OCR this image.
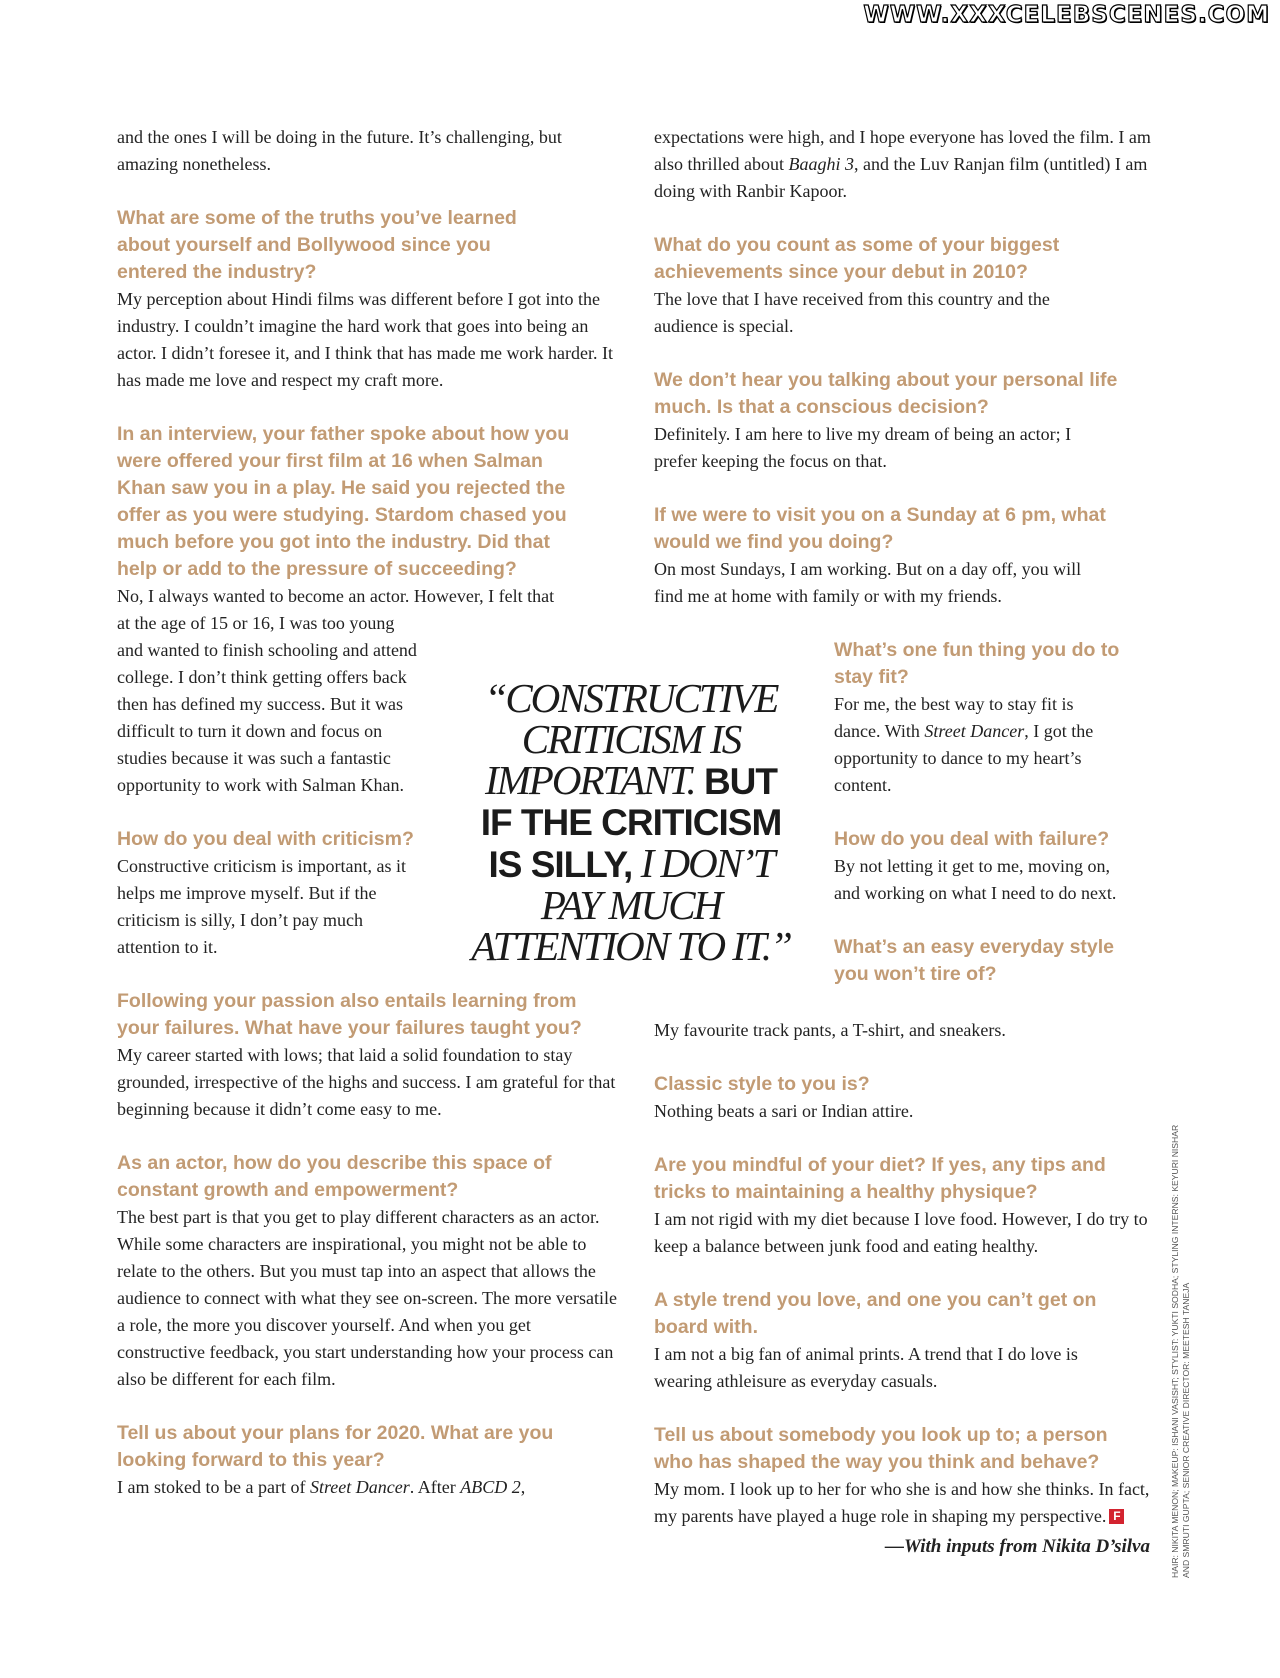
WWW.XXXCELEBSCENES.COM

and the ones I will be doing in the future. It’s challenging, but amazing nonetheless.

What are some of the truths you’ve learned about yourself and Bollywood since you entered the industry?

My perception about Hindi films was different before I got into the industry. I couldn’t imagine the hard work that goes into being an actor. I didn’t foresee it, and I think that has made me work harder. It has made me love and respect my craft more.

In an interview, your father spoke about how you were offered your first film at 16 when Salman Khan saw you in a play. He said you rejected the offer as you were studying. Stardom chased you much before you got into the industry. Did that help or add to the pressure of succeeding?

No, I always wanted to become an actor. However, I felt that

at the age of 15 or 16, I was too young and wanted to finish schooling and attend college. I don’t think getting offers back then has defined my success. But it was difficult to turn it down and focus on studies because it was such a fantastic opportunity to work with Salman Khan.

How do you deal with criticism?

Constructive criticism is important, as it helps me improve myself. But if the criticism is silly, I don’t pay much attention to it.

Following your passion also entails learning from your failures. What have your failures taught you?

My career started with lows; that laid a solid foundation to stay grounded, irrespective of the highs and success. I am grateful for that beginning because it didn’t come easy to me.

As an actor, how do you describe this space of constant growth and empowerment?

The best part is that you get to play different characters as an actor. While some characters are inspirational, you might not be able to relate to the others. But you must tap into an aspect that allows the audience to connect with what they see on-screen. The more versatile a role, the more you discover yourself. And when you get constructive feedback, you start understanding how your process can also be different for each film.

Tell us about your plans for 2020. What are you looking forward to this year?

I am stoked to be a part of Street Dancer. After ABCD 2,

expectations were high, and I hope everyone has loved the film. I am also thrilled about Baaghi 3, and the Luv Ranjan film (untitled) I am doing with Ranbir Kapoor.

What do you count as some of your biggest achievements since your debut in 2010?

The love that I have received from this country and the audience is special.

We don’t hear you talking about your personal life much. Is that a conscious decision?

Definitely. I am here to live my dream of being an actor; I prefer keeping the focus on that.

If we were to visit you on a Sunday at 6 pm, what would we find you doing?

On most Sundays, I am working. But on a day off, you will find me at home with family or with my friends.

What’s one fun thing you do to stay fit?

For me, the best way to stay fit is dance. With Street Dancer, I got the opportunity to dance to my heart’s content.

How do you deal with failure?

By not letting it get to me, moving on, and working on what I need to do next.

What’s an easy everyday style you won’t tire of?

My favourite track pants, a T-shirt, and sneakers.

Classic style to you is?

Nothing beats a sari or Indian attire.

Are you mindful of your diet? If yes, any tips and tricks to maintaining a healthy physique?

I am not rigid with my diet because I love food. However, I do try to keep a balance between junk food and eating healthy.

A style trend you love, and one you can’t get on board with.

I am not a big fan of animal prints. A trend that I do love is wearing athleisure as everyday casuals.

Tell us about somebody you look up to; a person who has shaped the way you think and behave?

My mom. I look up to her for who she is and how she thinks. In fact, my parents have played a huge role in shaping my perspective. F

—With inputs from Nikita D’silva

“CONSTRUCTIVE
CRITICISM IS
IMPORTANT. BUT
IF THE CRITICISM
IS SILLY, I DON’T
PAY MUCH
ATTENTION TO IT.”
HAIR: NIKITA MENON; MAKEUP: ISHANI VASISHT; STYLIST: YUKTI SODHA; STYLING INTERNS: KEYURI NISHAR AND SMRUTI GUPTA; SENIOR CREATIVE DIRECTOR: MEETESH TANEJA
